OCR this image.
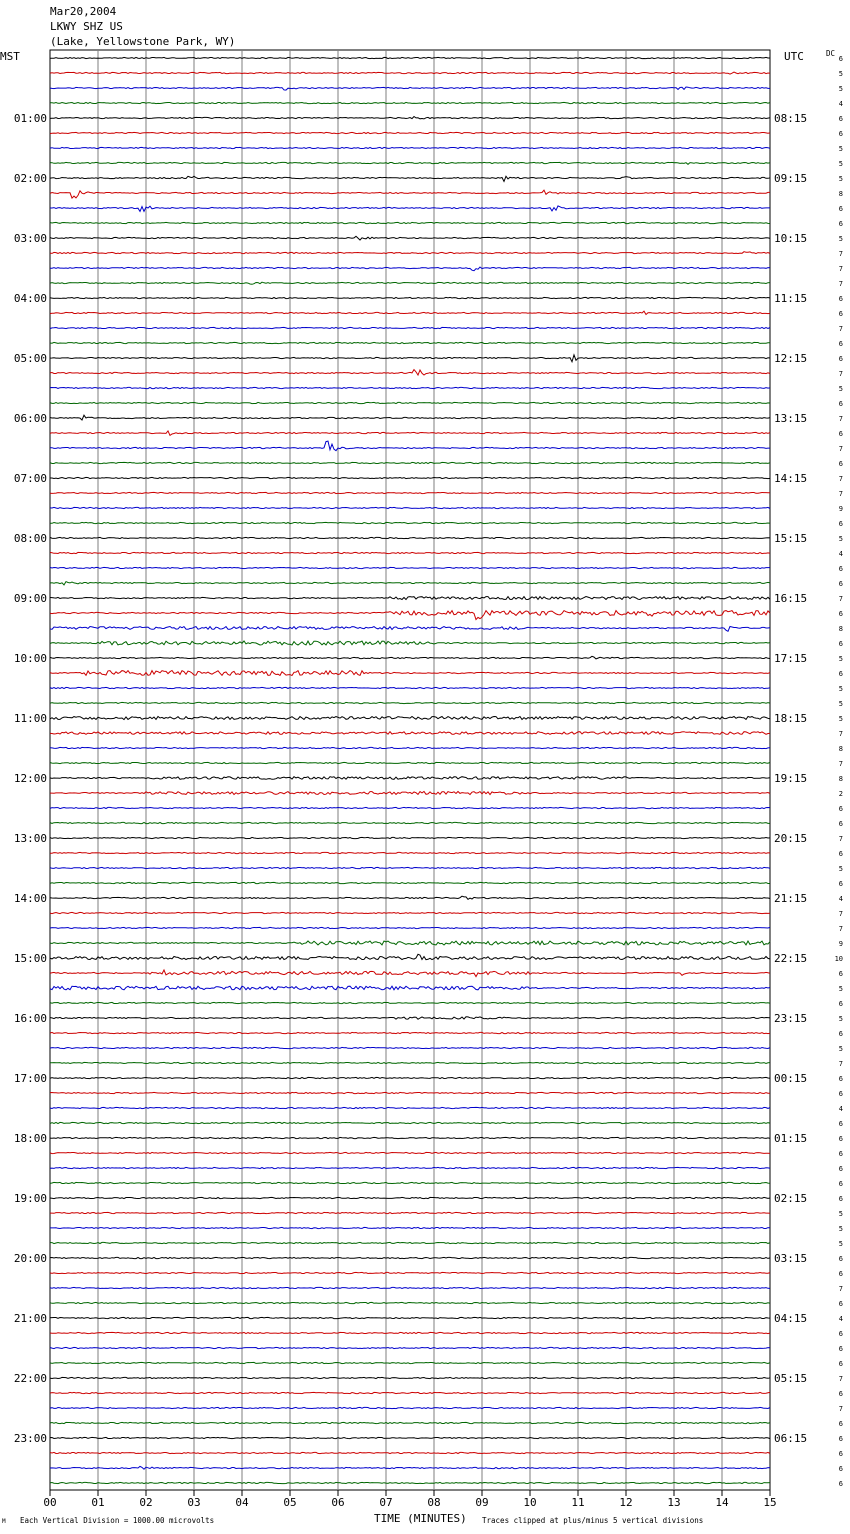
Mar20,2004
LKWY SHZ US
(Lake, Yellowstone Park, WY)
MST	UTC	DC
01:00
02:00
03:00
04:00
05:00
06:00
07:00
08:00
09:00
10:00
11:00
12:00
13:00
14:00
15:00
16:00
17:00
18:00
19:00
20:00
21:00
22:00
23:00
08:15
09:15
10:15
11:15
12:15
13:15
14:15
15:15
16:15
17:15
18:15
19:15
20:15
21:15
22:15
23:15
00:15
01:15
02:15
03:15
04:15
05:15
06:15
6
5
5
4
6
6
5
5
5
8
6
6
5
7
7
7
6
6
7
6
6
7
5
6
7
6
7
6
7
7
9
6
5
4
6
6
7
6
8
6
5
6
5
5
5
7
8
7
8
2
6
6
7
6
5
6
4
7
7
9
10
6
5
6
5
6
5
7
6
6
4
6
6
6
6
6
6
5
5
5
6
6
7
6
4
6
6
6
7
6
7
6
6
6
6
6
00	01	02	03	04	05	06	07	08	09	10	11	12	13	14	15
TIME (MINUTES)
Each Vertical Division = 1000.00 microvolts	Traces clipped at plus/minus 5 vertical divisions
M
